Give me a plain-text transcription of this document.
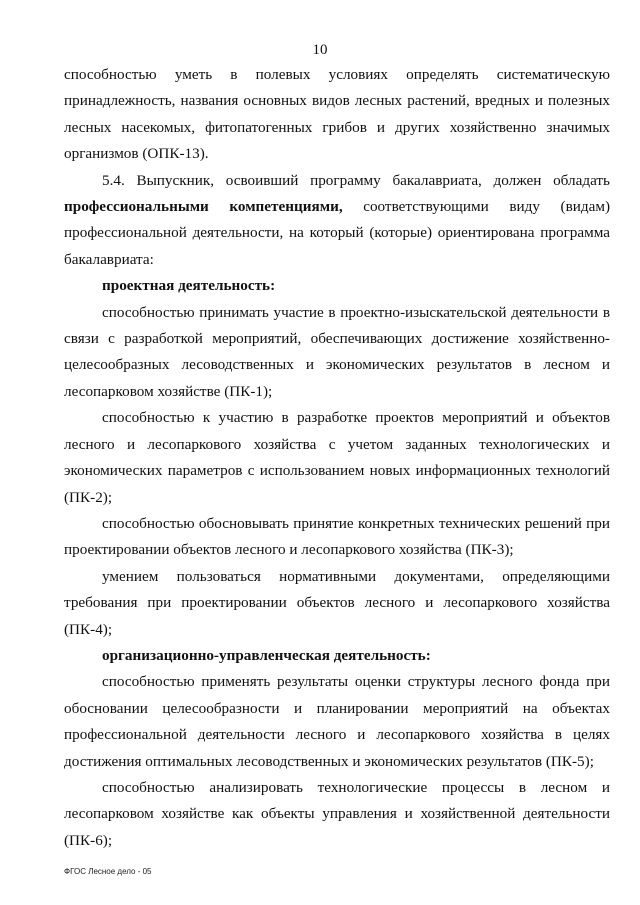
10

способностью уметь в полевых условиях определять систематическую принадлежность, названия основных видов лесных растений, вредных и полезных лесных насекомых, фитопатогенных грибов и других хозяйственно значимых организмов (ОПК-13).

5.4. Выпускник, освоивший программу бакалавриата, должен обладать профессиональными компетенциями, соответствующими виду (видам) профессиональной деятельности, на который (которые) ориентирована программа бакалавриата:

проектная деятельность:

способностью принимать участие в проектно-изыскательской деятельности в связи с разработкой мероприятий, обеспечивающих достижение хозяйственно-целесообразных лесоводственных и экономических результатов в лесном и лесопарковом хозяйстве (ПК-1);

способностью к участию в разработке проектов мероприятий и объектов лесного и лесопаркового хозяйства с учетом заданных технологических и экономических параметров с использованием новых информационных технологий (ПК-2);

способностью обосновывать принятие конкретных технических решений при проектировании объектов лесного и лесопаркового хозяйства (ПК-3);

умением пользоваться нормативными документами, определяющими требования при проектировании объектов лесного и лесопаркового хозяйства (ПК-4);

организационно-управленческая деятельность:

способностью применять результаты оценки структуры лесного фонда при обосновании целесообразности и планировании мероприятий на объектах профессиональной деятельности лесного и лесопаркового хозяйства в целях достижения оптимальных лесоводственных и экономических результатов (ПК-5);

способностью анализировать технологические процессы в лесном и лесопарковом хозяйстве как объекты управления и хозяйственной деятельности (ПК-6);

ФГОС Лесное дело - 05
